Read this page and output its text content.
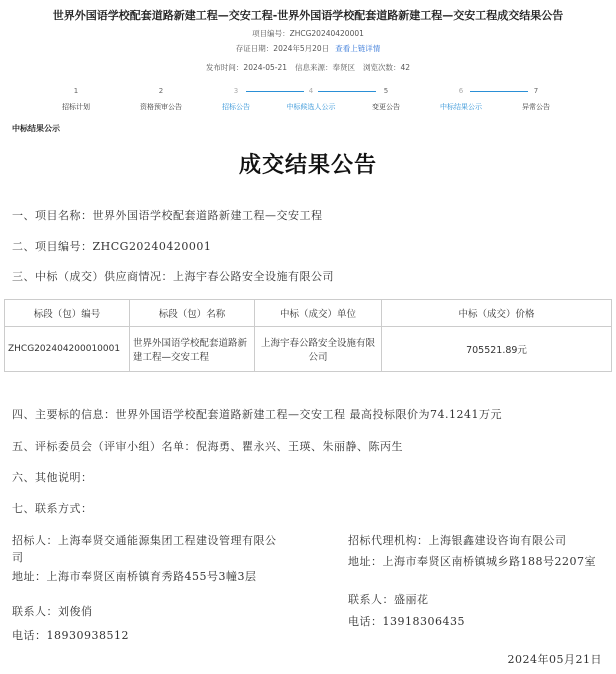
世界外国语学校配套道路新建工程—交安工程-世界外国语学校配套道路新建工程—交安工程成交结果公告
项目编号：ZHCG20240420001
存证日期：2024年5月20日 查看上链详情
发布时间：2024-05-21 信息来源：奉贤区 浏览次数：42
1
招标计划
2
资格预审公告
3
招标公告
4
中标候选人公示
5
变更公告
6
中标结果公示
7
异常公告
中标结果公示
成交结果公告
一、项目名称：世界外国语学校配套道路新建工程—交安工程
二、项目编号：ZHCG20240420001
三、中标（成交）供应商情况：上海宇春公路安全设施有限公司
标段（包）编号	标段（包）名称	中标（成交）单位	中标（成交）价格
ZHCG202404200010001	世界外国语学校配套道路新建工程—交安工程	上海宇春公路安全设施有限公司	705521.89元
四、主要标的信息：世界外国语学校配套道路新建工程—交安工程 最高投标限价为74.1241万元
五、评标委员会（评审小组）名单：倪海勇、瞿永兴、王瑛、朱丽静、陈丙生
六、其他说明：
七、联系方式：
招标人：上海奉贤交通能源集团工程建设管理有限公司
地址：上海市奉贤区南桥镇育秀路455号3幢3层
联系人：刘俊俏
电话：18930938512
招标代理机构：上海银鑫建设咨询有限公司
地址：上海市奉贤区南桥镇城乡路188号2207室
联系人：盛丽花
电话：13918306435
2024年05月21日
